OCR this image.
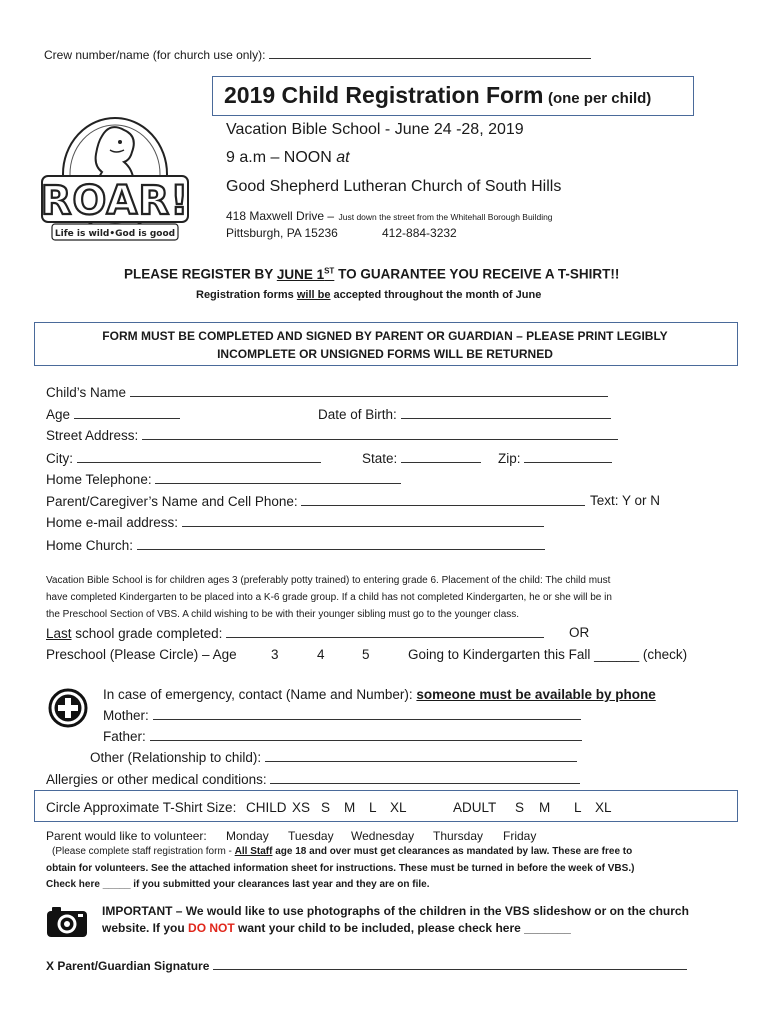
Crew number/name (for church use only):
2019 Child Registration Form (one per child)
ROAR!
Life is wild•God is good
Vacation Bible School - June 24 -28, 2019
9 a.m – NOON at
Good Shepherd Lutheran Church of South Hills
418 Maxwell Drive – Just down the street from the Whitehall Borough Building
Pittsburgh, PA 15236	412-884-3232
PLEASE REGISTER BY JUNE 1ST TO GUARANTEE YOU RECEIVE A T-SHIRT!!
Registration forms will be accepted throughout the month of June
FORM MUST BE COMPLETED AND SIGNED BY PARENT OR GUARDIAN – PLEASE PRINT LEGIBLY
INCOMPLETE OR UNSIGNED FORMS WILL BE RETURNED
Child’s Name
Age	Date of Birth:
Street Address:
City:	State:	Zip:
Home Telephone:
Parent/Caregiver’s Name and Cell Phone:	Text: Y or N
Home e-mail address:
Home Church:
Vacation Bible School is for children ages 3 (preferably potty trained) to entering grade 6. Placement of the child: The child must
have completed Kindergarten to be placed into a K-6 grade group. If a child has not completed Kindergarten, he or she will be in
the Preschool Section of VBS. A child wishing to be with their younger sibling must go to the younger class.
Last school grade completed:	OR
Preschool (Please Circle) – Age	3	4	5	Going to Kindergarten this Fall ______ (check)
In case of emergency, contact (Name and Number): someone must be available by phone
Mother:
Father:
Other (Relationship to child):
Allergies or other medical conditions:
Circle Approximate T-Shirt Size: CHILD XS S M L XL	ADULT S M L XL
Parent would like to volunteer: Monday Tuesday Wednesday Thursday Friday
(Please complete staff registration form - All Staff age 18 and over must get clearances as mandated by law. These are free to
obtain for volunteers. See the attached information sheet for instructions. These must be turned in before the week of VBS.)
Check here _____ if you submitted your clearances last year and they are on file.
IMPORTANT – We would like to use photographs of the children in the VBS slideshow or on the church
website. If you DO NOT want your child to be included, please check here _______
X Parent/Guardian Signature
